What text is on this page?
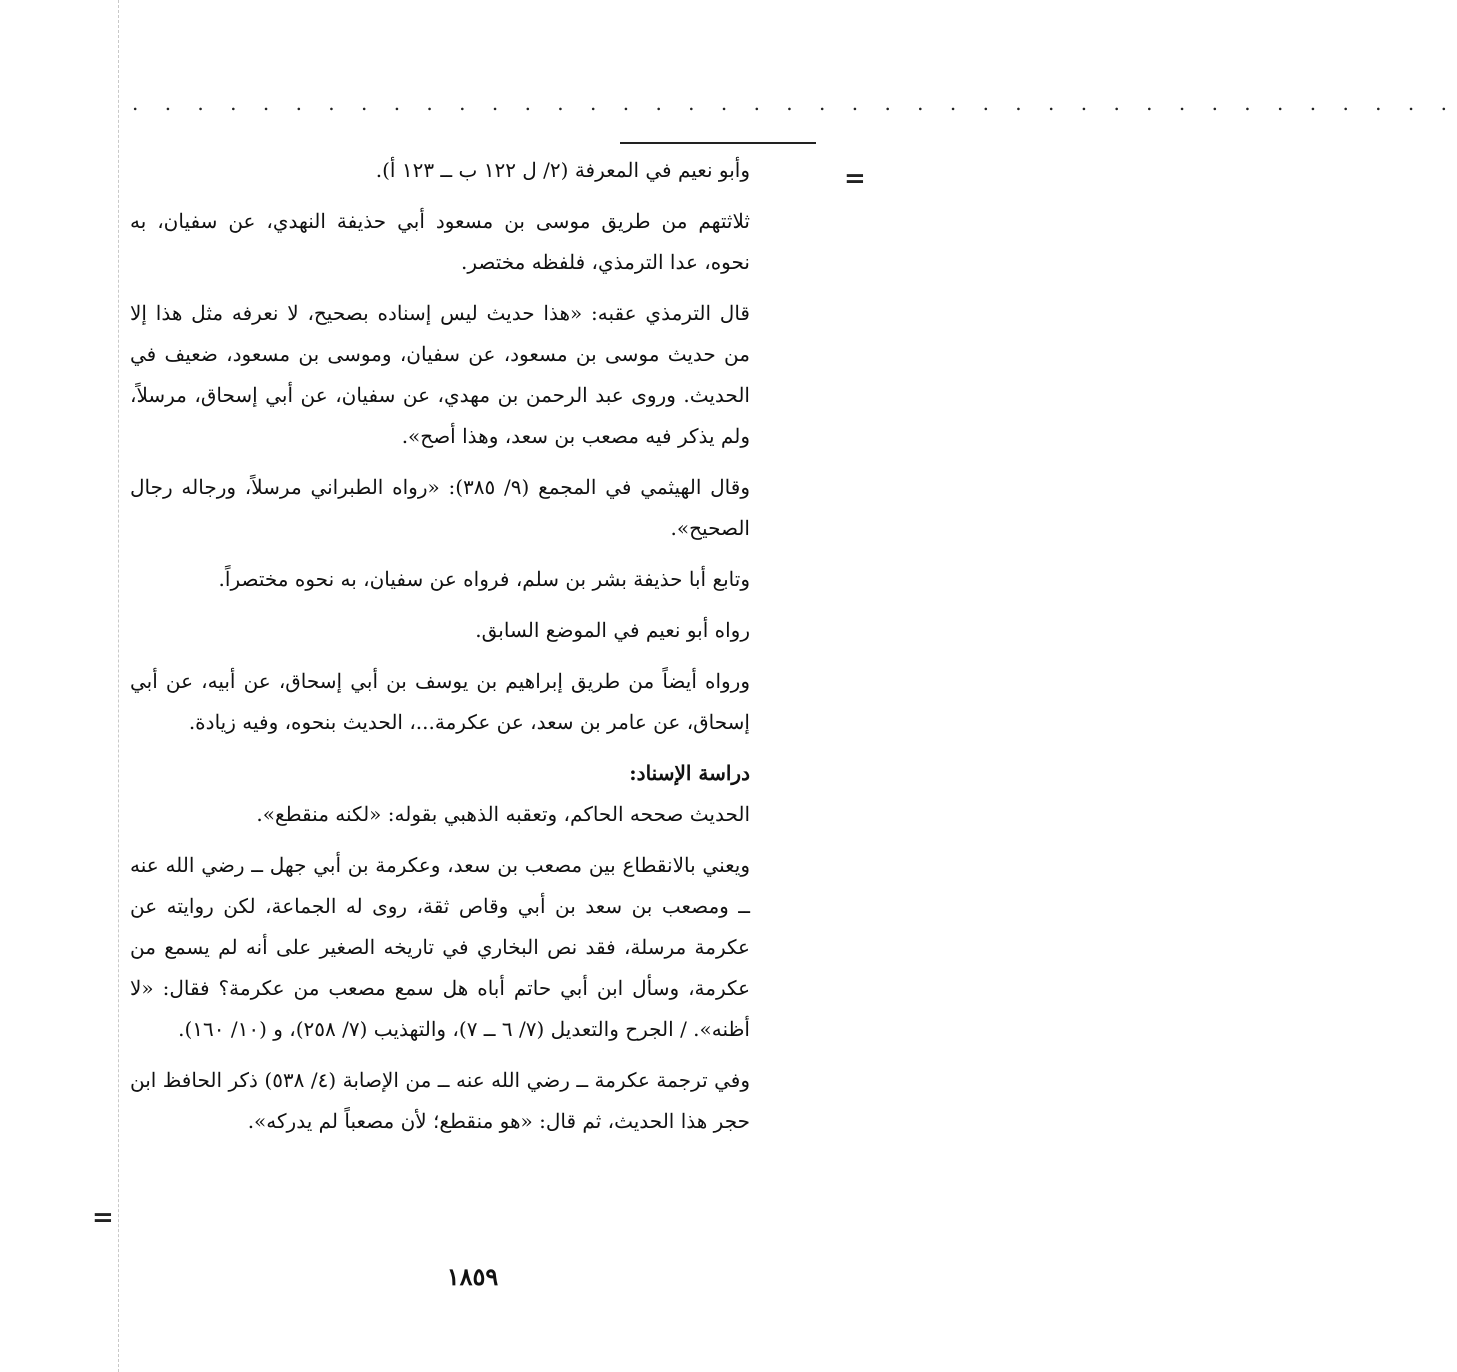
. . . . . . . . . . . . . . . . . . . . . . . . . . . . . . . . . . . . . . . . .
=
=

وأبو نعيم في المعرفة (٢/ ل ١٢٢ ب ــ ١٢٣ أ).

ثلاثتهم من طريق موسى بن مسعود أبي حذيفة النهدي، عن سفيان، به نحوه، عدا الترمذي، فلفظه مختصر.

قال الترمذي عقبه: «هذا حديث ليس إسناده بصحيح، لا نعرفه مثل هذا إلا من حديث موسى بن مسعود، عن سفيان، وموسى بن مسعود، ضعيف في الحديث. وروى عبد الرحمن بن مهدي، عن سفيان، عن أبي إسحاق، مرسلاً، ولم يذكر فيه مصعب بن سعد، وهذا أصح».

وقال الهيثمي في المجمع (٩/ ٣٨٥): «رواه الطبراني مرسلاً، ورجاله رجال الصحيح».

وتابع أبا حذيفة بشر بن سلم، فرواه عن سفيان، به نحوه مختصراً.

رواه أبو نعيم في الموضع السابق.

ورواه أيضاً من طريق إبراهيم بن يوسف بن أبي إسحاق، عن أبيه، عن أبي إسحاق، عن عامر بن سعد، عن عكرمة...، الحديث بنحوه، وفيه زيادة.

دراسة الإسناد:

الحديث صححه الحاكم، وتعقبه الذهبي بقوله: «لكنه منقطع».

ويعني بالانقطاع بين مصعب بن سعد، وعكرمة بن أبي جهل ــ رضي الله عنه ــ ومصعب بن سعد بن أبي وقاص ثقة، روى له الجماعة، لكن روايته عن عكرمة مرسلة، فقد نص البخاري في تاريخه الصغير على أنه لم يسمع من عكرمة، وسأل ابن أبي حاتم أباه هل سمع مصعب من عكرمة؟ فقال: «لا أظنه». / الجرح والتعديل (٧/ ٦ ــ ٧)، والتهذيب (٧/ ٢٥٨)، و (١٠/ ١٦٠).

وفي ترجمة عكرمة ــ رضي الله عنه ــ من الإصابة (٤/ ٥٣٨) ذكر الحافظ ابن حجر هذا الحديث، ثم قال: «هو منقطع؛ لأن مصعباً لم يدركه».

١٨٥٩
